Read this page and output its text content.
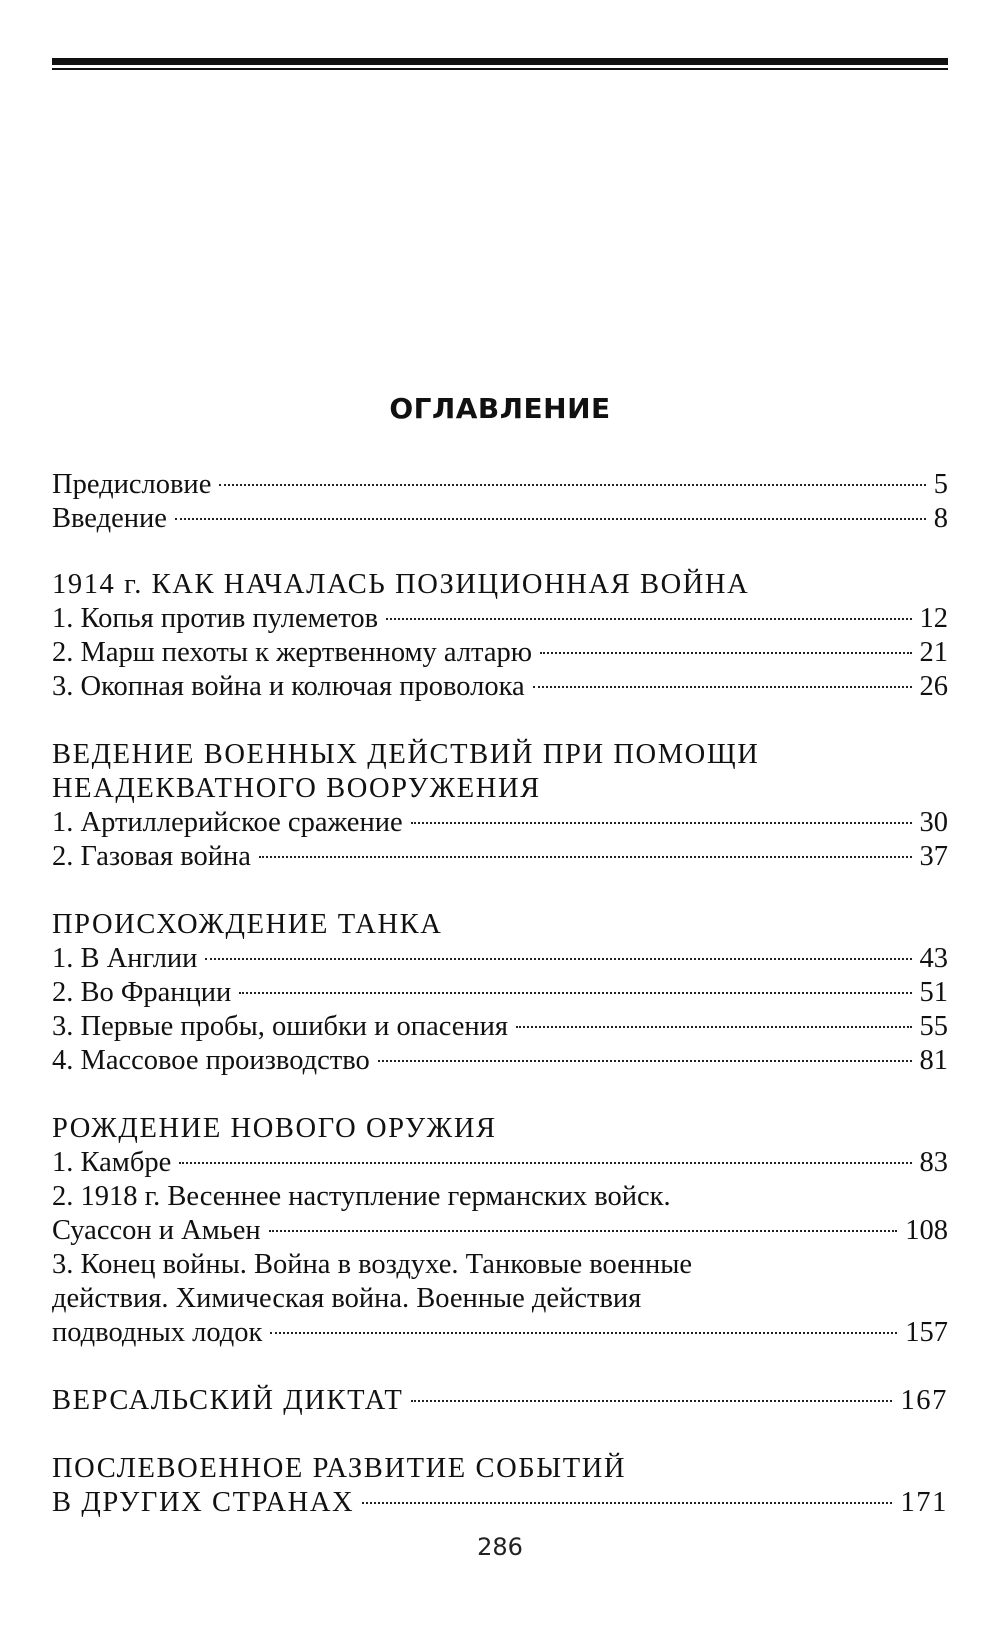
ОГЛАВЛЕНИЕ
Предисловие	5
Введение	8
1914 г. КАК НАЧАЛАСЬ ПОЗИЦИОННАЯ ВОЙНА
1. Копья против пулеметов	12
2. Марш пехоты к жертвенному алтарю	21
3. Окопная война и колючая проволока	26
ВЕДЕНИЕ ВОЕННЫХ ДЕЙСТВИЙ ПРИ ПОМОЩИ
НЕАДЕКВАТНОГО ВООРУЖЕНИЯ
1. Артиллерийское сражение	30
2. Газовая война	37
ПРОИСХОЖДЕНИЕ ТАНКА
1. В Англии	43
2. Во Франции	51
3. Первые пробы, ошибки и опасения	55
4. Массовое производство	81
РОЖДЕНИЕ НОВОГО ОРУЖИЯ
1. Камбре	83
2. 1918 г. Весеннее наступление германских войск.
Суассон и Амьен	108
3. Конец войны. Война в воздухе. Танковые военные
действия. Химическая война. Военные действия
подводных лодок	157
ВЕРСАЛЬСКИЙ ДИКТАТ	167
ПОСЛЕВОЕННОЕ РАЗВИТИЕ СОБЫТИЙ
В ДРУГИХ СТРАНАХ	171
286
